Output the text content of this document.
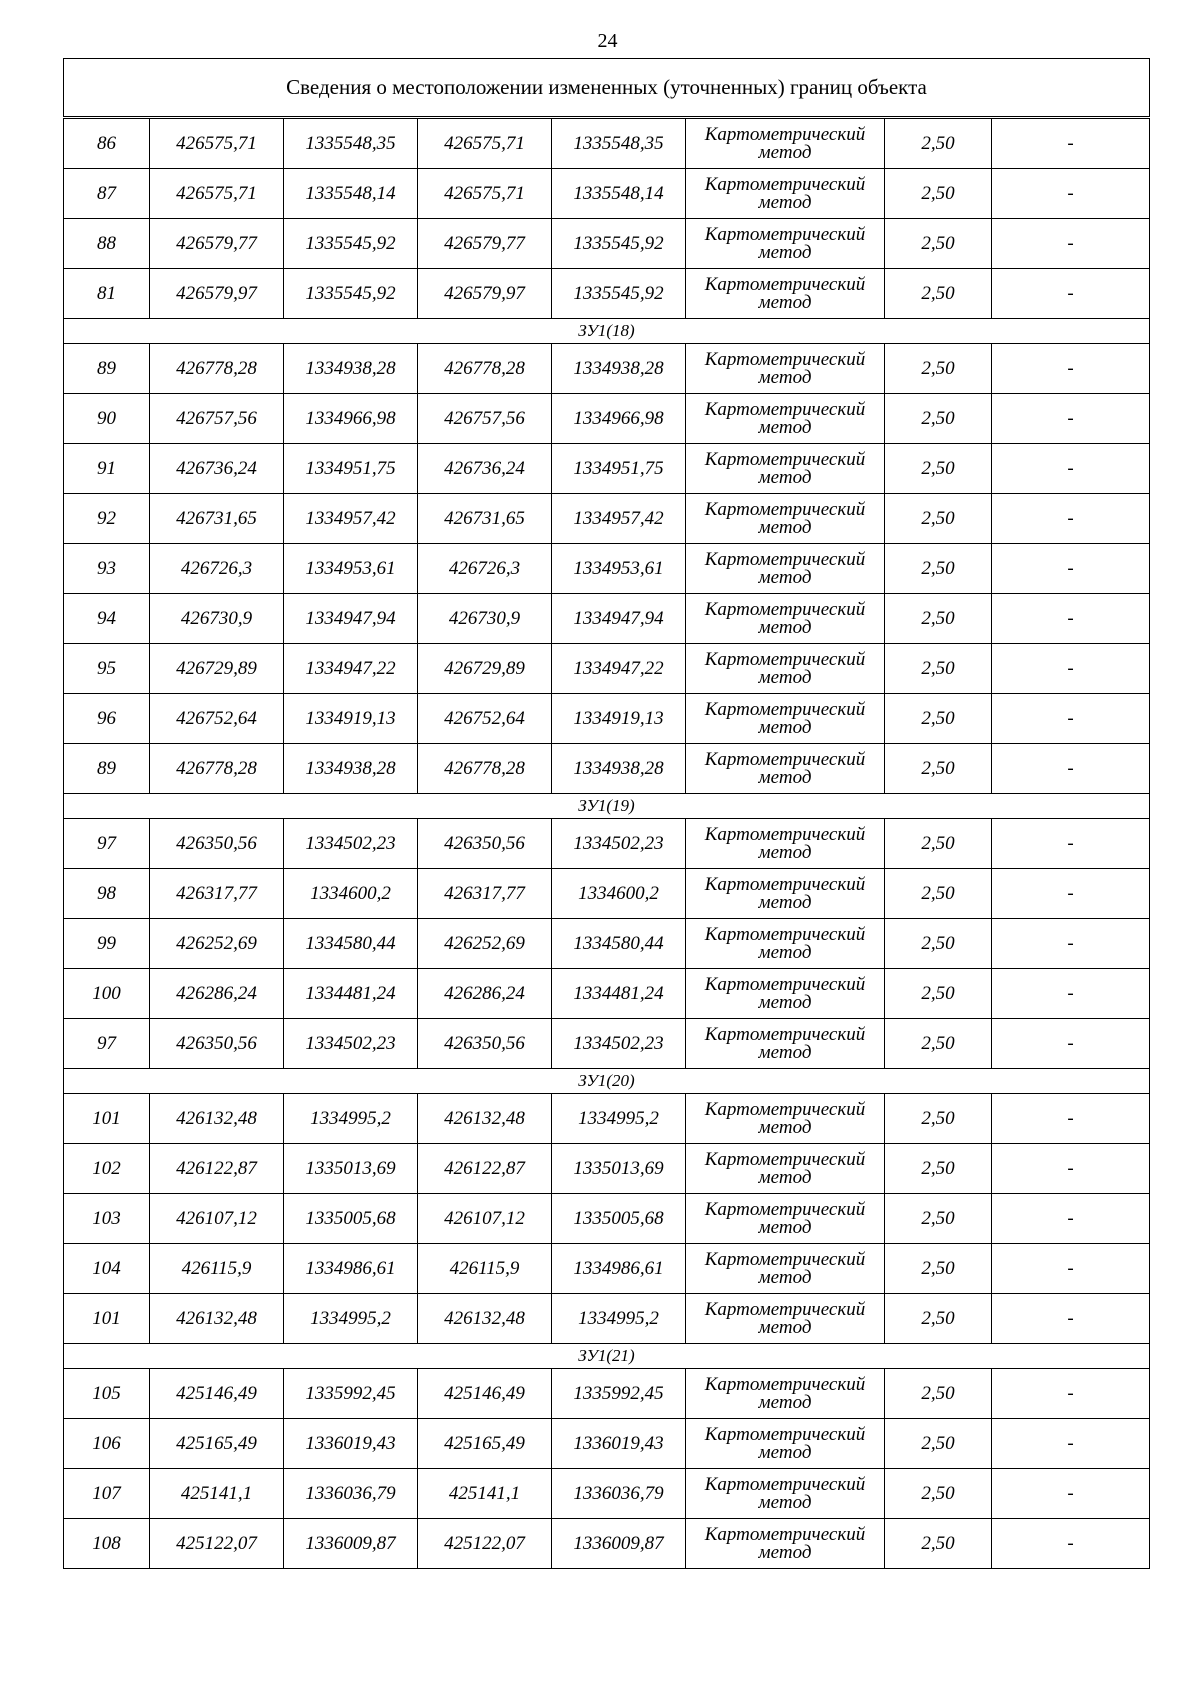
24
Сведения о местоположении измененных (уточненных) границ объекта							
86	426575,71	1335548,35	426575,71	1335548,35	Картометрический метод	2,50	-
87	426575,71	1335548,14	426575,71	1335548,14	Картометрический метод	2,50	-
88	426579,77	1335545,92	426579,77	1335545,92	Картометрический метод	2,50	-
81	426579,97	1335545,92	426579,97	1335545,92	Картометрический метод	2,50	-
ЗУ1(18)							
89	426778,28	1334938,28	426778,28	1334938,28	Картометрический метод	2,50	-
90	426757,56	1334966,98	426757,56	1334966,98	Картометрический метод	2,50	-
91	426736,24	1334951,75	426736,24	1334951,75	Картометрический метод	2,50	-
92	426731,65	1334957,42	426731,65	1334957,42	Картометрический метод	2,50	-
93	426726,3	1334953,61	426726,3	1334953,61	Картометрический метод	2,50	-
94	426730,9	1334947,94	426730,9	1334947,94	Картометрический метод	2,50	-
95	426729,89	1334947,22	426729,89	1334947,22	Картометрический метод	2,50	-
96	426752,64	1334919,13	426752,64	1334919,13	Картометрический метод	2,50	-
89	426778,28	1334938,28	426778,28	1334938,28	Картометрический метод	2,50	-
ЗУ1(19)							
97	426350,56	1334502,23	426350,56	1334502,23	Картометрический метод	2,50	-
98	426317,77	1334600,2	426317,77	1334600,2	Картометрический метод	2,50	-
99	426252,69	1334580,44	426252,69	1334580,44	Картометрический метод	2,50	-
100	426286,24	1334481,24	426286,24	1334481,24	Картометрический метод	2,50	-
97	426350,56	1334502,23	426350,56	1334502,23	Картометрический метод	2,50	-
ЗУ1(20)							
101	426132,48	1334995,2	426132,48	1334995,2	Картометрический метод	2,50	-
102	426122,87	1335013,69	426122,87	1335013,69	Картометрический метод	2,50	-
103	426107,12	1335005,68	426107,12	1335005,68	Картометрический метод	2,50	-
104	426115,9	1334986,61	426115,9	1334986,61	Картометрический метод	2,50	-
101	426132,48	1334995,2	426132,48	1334995,2	Картометрический метод	2,50	-
ЗУ1(21)							
105	425146,49	1335992,45	425146,49	1335992,45	Картометрический метод	2,50	-
106	425165,49	1336019,43	425165,49	1336019,43	Картометрический метод	2,50	-
107	425141,1	1336036,79	425141,1	1336036,79	Картометрический метод	2,50	-
108	425122,07	1336009,87	425122,07	1336009,87	Картометрический метод	2,50	-
